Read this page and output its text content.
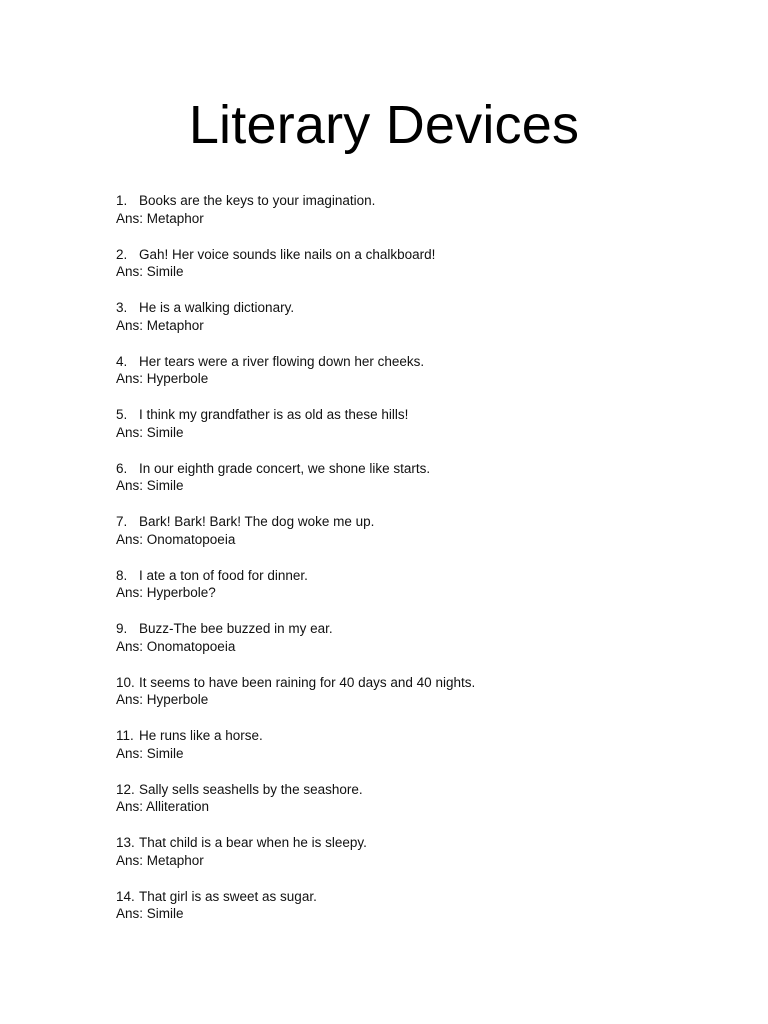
Literary Devices
1. Books are the keys to your imagination.
Ans: Metaphor
2. Gah! Her voice sounds like nails on a chalkboard!
Ans: Simile
3. He is a walking dictionary.
Ans: Metaphor
4. Her tears were a river flowing down her cheeks.
Ans: Hyperbole
5. I think my grandfather is as old as these hills!
Ans: Simile
6. In our eighth grade concert, we shone like starts.
Ans: Simile
7. Bark! Bark! Bark! The dog woke me up.
Ans: Onomatopoeia
8. I ate a ton of food for dinner.
Ans: Hyperbole?
9. Buzz-The bee buzzed in my ear.
Ans: Onomatopoeia
10. It seems to have been raining for 40 days and 40 nights.
Ans: Hyperbole
11. He runs like a horse.
Ans: Simile
12. Sally sells seashells by the seashore.
Ans: Alliteration
13. That child is a bear when he is sleepy.
Ans: Metaphor
14. That girl is as sweet as sugar.
Ans: Simile
